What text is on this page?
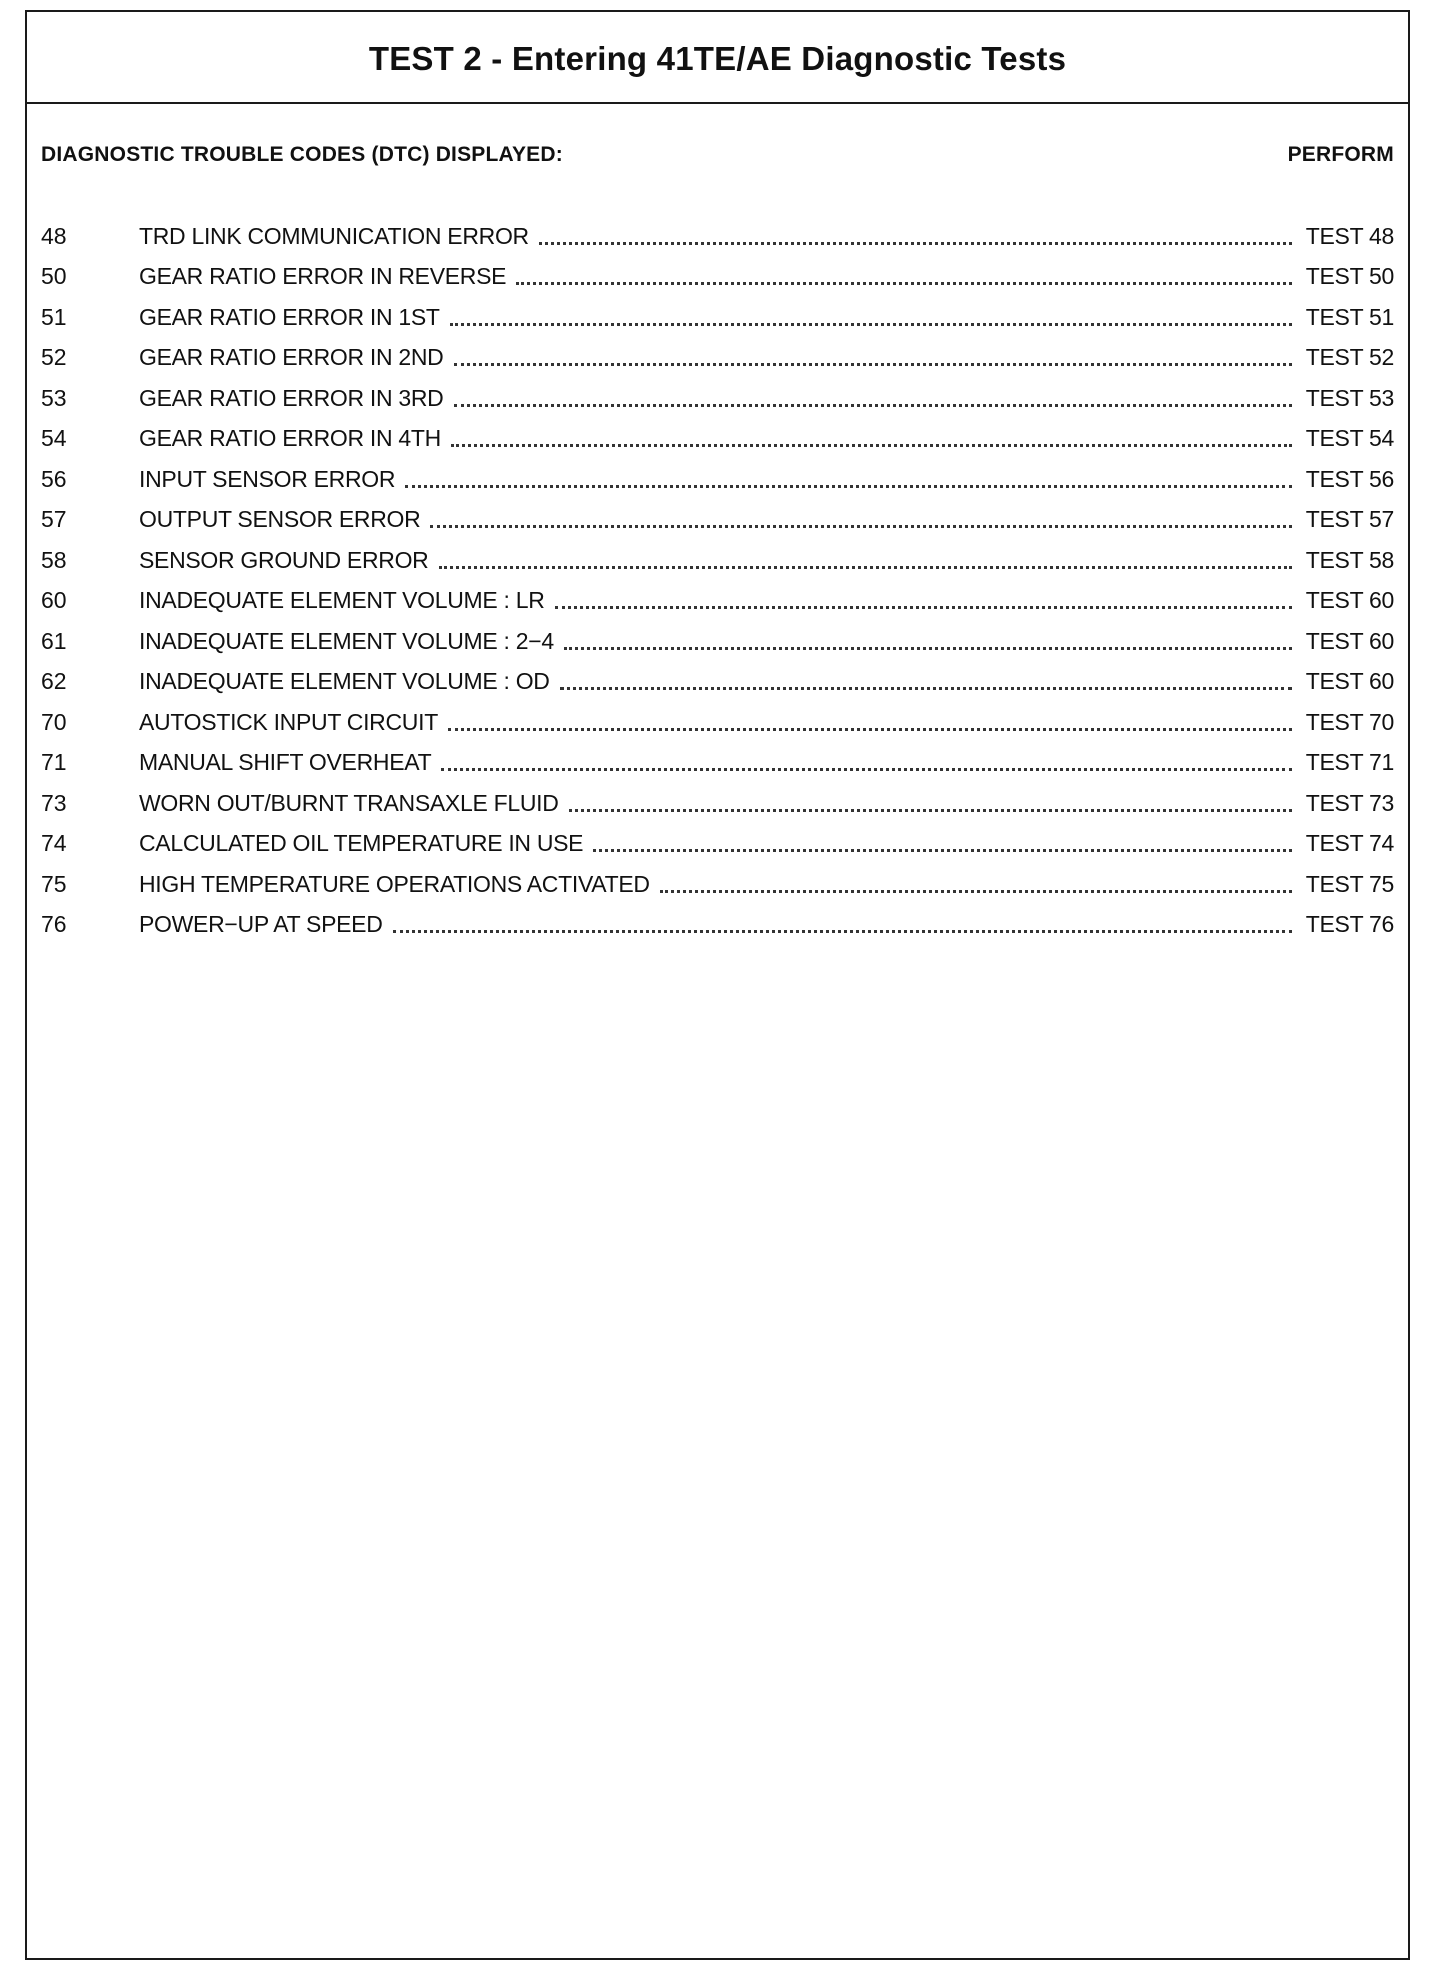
TEST 2 - Entering 41TE/AE Diagnostic Tests
DIAGNOSTIC TROUBLE CODES (DTC) DISPLAYED:	PERFORM
48	TRD LINK COMMUNICATION ERROR	TEST 48
50	GEAR RATIO ERROR IN REVERSE	TEST 50
51	GEAR RATIO ERROR IN 1ST	TEST 51
52	GEAR RATIO ERROR IN 2ND	TEST 52
53	GEAR RATIO ERROR IN 3RD	TEST 53
54	GEAR RATIO ERROR IN 4TH	TEST 54
56	INPUT SENSOR ERROR	TEST 56
57	OUTPUT SENSOR ERROR	TEST 57
58	SENSOR GROUND ERROR	TEST 58
60	INADEQUATE ELEMENT VOLUME : LR	TEST 60
61	INADEQUATE ELEMENT VOLUME : 2−4	TEST 60
62	INADEQUATE ELEMENT VOLUME : OD	TEST 60
70	AUTOSTICK INPUT CIRCUIT	TEST 70
71	MANUAL SHIFT OVERHEAT	TEST 71
73	WORN OUT/BURNT TRANSAXLE FLUID	TEST 73
74	CALCULATED OIL TEMPERATURE IN USE	TEST 74
75	HIGH TEMPERATURE OPERATIONS ACTIVATED	TEST 75
76	POWER−UP AT SPEED	TEST 76
